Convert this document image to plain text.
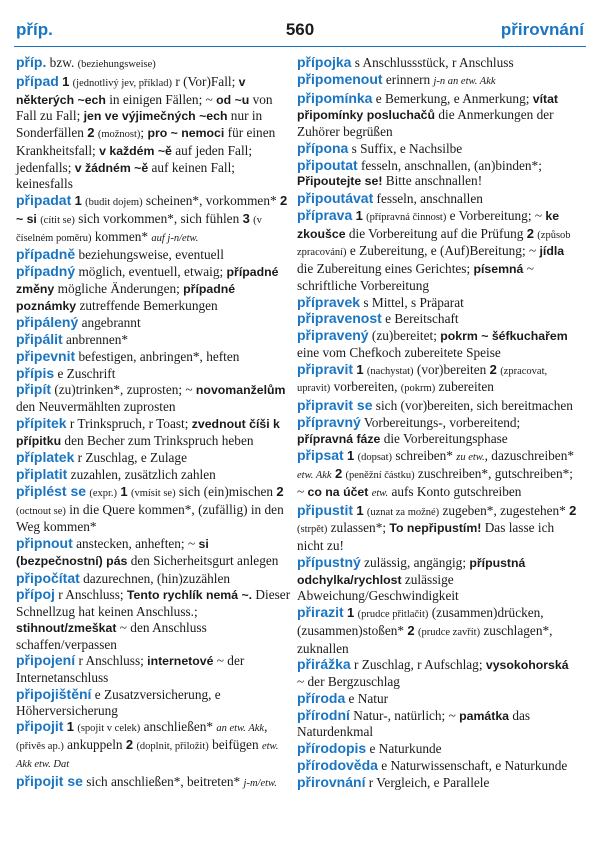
příp.	560	přirovnání
příp. bzw. (beziehungsweise)
případ 1 (jednotlivý jev, příklad) r (Vor)Fall; v některých ~ech in einigen Fällen; ~ od ~u von Fall zu Fall; jen ve výjimečných ~ech nur in Sonderfällen 2 (možnost); pro ~ nemoci für einen Krankheitsfall; v každém ~ě auf jeden Fall; jedenfalls; v žádném ~ě auf keinen Fall; keinesfalls
připadat 1 (budit dojem) scheinen*, vorkommen* 2 ~ si (cítit se) sich vorkommen*, sich fühlen 3 (v číselném poměru) kommen* auf j-n/etw.
případně beziehungsweise, eventuell
případný möglich, eventuell, etwaig; případné změny mögliche Änderungen; případné poznámky zutreffende Bemerkungen
připálený angebrannt
připálit anbrennen*
připevnit befestigen, anbringen*, heften
přípis e Zuschrift
připít (zu)trinken*, zuprosten; ~ novomanželům den Neuvermählten zuprosten
přípitek r Trinkspruch, r Toast; zvednout číši k přípitku den Becher zum Trinkspruch heben
příplatek r Zuschlag, e Zulage
připlatit zuzahlen, zusätzlich zahlen
připlést se (expr.) 1 (vmísit se) sich (ein)mischen 2 (octnout se) in die Quere kommen*, (zufällig) in den Weg kommen*
připnout anstecken, anheften; ~ si (bezpečnostní) pás den Sicherheitsgurt anlegen
připočítat dazurechnen, (hin)zuzählen
přípoj r Anschluss; Tento rychlík nemá ~. Dieser Schnellzug hat keinen Anschluss.; stihnout/zmeškat ~ den Anschluss schaffen/verpassen
připojení r Anschluss; internetové ~ der Internetanschluss
připojištění e Zusatzversicherung, e Höherversicherung
připojit 1 (spojit v celek) anschließen* an etw. Akk, (přivěs ap.) ankuppeln 2 (doplnit, přiložit) beifügen etw. Akk etw. Dat
připojit se sich anschließen*, beitreten* j-m/etw.
přípojka s Anschlussstück, r Anschluss
připomenout erinnern j-n an etw. Akk
připomínka e Bemerkung, e Anmerkung; vítat připomínky posluchačů die Anmerkungen der Zuhörer begrüßen
přípona s Suffix, e Nachsilbe
připoutat fesseln, anschnallen, (an)binden*; Připoutejte se! Bitte anschnallen!
připoutávat fesseln, anschnallen
příprava 1 (přípravná činnost) e Vorbereitung; ~ ke zkoušce die Vorbereitung auf die Prüfung 2 (způsob zpracování) e Zubereitung, e (Auf)Bereitung; ~ jídla die Zubereitung eines Gerichtes; písemná ~ schriftliche Vorbereitung
přípravek s Mittel, s Präparat
připravenost e Bereitschaft
připravený (zu)bereitet; pokrm ~ šéfkuchařem eine vom Chefkoch zubereitete Speise
připravit 1 (nachystat) (vor)bereiten 2 (zpracovat, upravit) vorbereiten, (pokrm) zubereiten
připravit se sich (vor)bereiten, sich bereitmachen
přípravný Vorbereitungs-, vorbereitend; přípravná fáze die Vorbereitungsphase
připsat 1 (dopsat) schreiben* zu etw., dazuschreiben* etw. Akk 2 (peněžní částku) zuschreiben*, gutschreiben*; ~ co na účet etw. aufs Konto gutschreiben
připustit 1 (uznat za možné) zugeben*, zugestehen* 2 (strpět) zulassen*; To nepřipustím! Das lasse ich nicht zu!
přípustný zulässig, angängig; přípustná odchylka/rychlost zulässige Abweichung/Geschwindigkeit
přirazit 1 (prudce přitlačit) (zusammen)drücken, (zusammen)stoßen* 2 (prudce zavřít) zuschlagen*, zuknallen
přirážka r Zuschlag, r Aufschlag; vysokohorská ~ der Bergzuschlag
příroda e Natur
přírodní Natur-, natürlich; ~ památka das Naturdenkmal
přírodopis e Naturkunde
přírodověda e Naturwissenschaft, e Naturkunde
přirovnání r Vergleich, e Parallele
